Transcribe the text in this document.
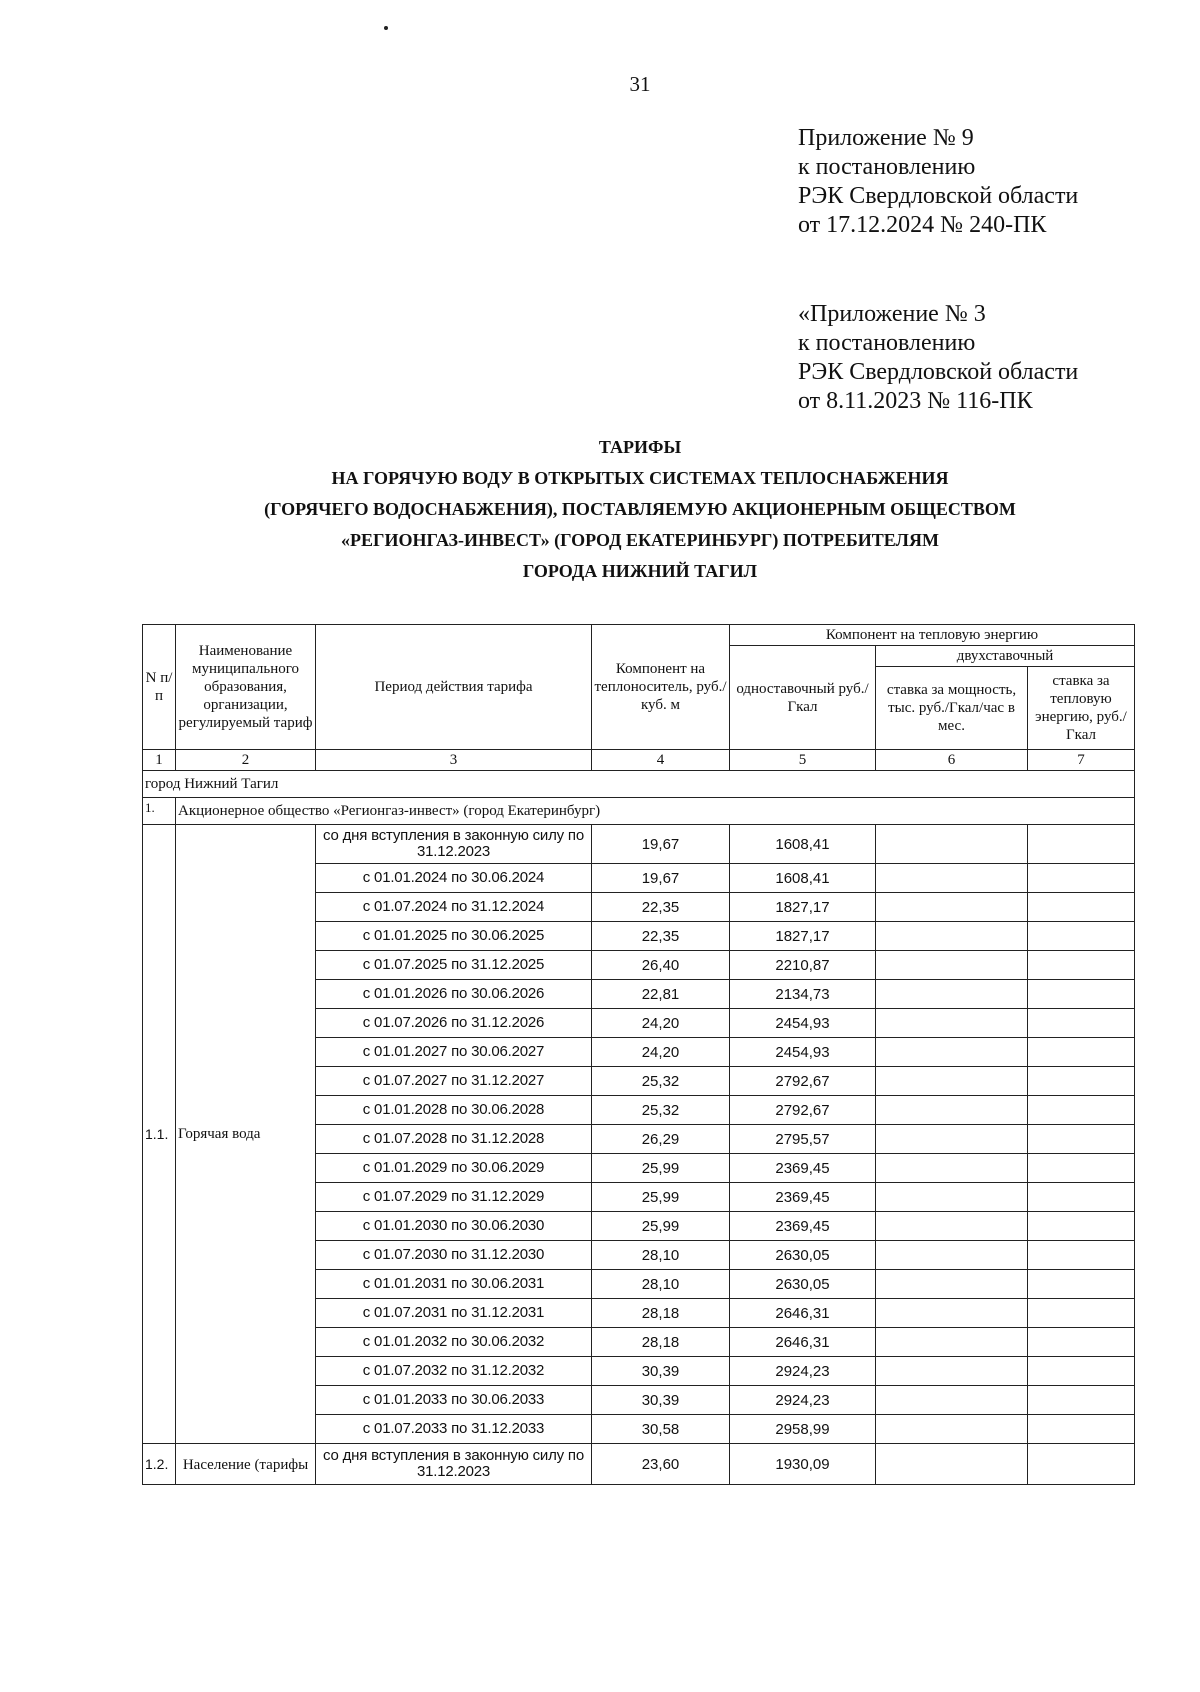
31
Приложение № 9
к постановлению
РЭК Свердловской области
от 17.12.2024 № 240-ПК
«Приложение № 3
к постановлению
РЭК Свердловской области
от 8.11.2023 № 116-ПК
ТАРИФЫ
НА ГОРЯЧУЮ ВОДУ В ОТКРЫТЫХ СИСТЕМАХ ТЕПЛОСНАБЖЕНИЯ
(ГОРЯЧЕГО ВОДОСНАБЖЕНИЯ), ПОСТАВЛЯЕМУЮ АКЦИОНЕРНЫМ ОБЩЕСТВОМ
«РЕГИОНГАЗ-ИНВЕСТ» (ГОРОД ЕКАТЕРИНБУРГ) ПОТРЕБИТЕЛЯМ
ГОРОДА НИЖНИЙ ТАГИЛ
N п/п	Наименование муниципального образования, организации, регулируемый тариф	Период действия тарифа	Компонент на теплоноситель, руб./куб. м	Компонент на тепловую энергию		
				одноставочный руб./Гкал	двухставочный	
					ставка за мощность, тыс. руб./Гкал/час в мес.	ставка за тепловую энергию, руб./Гкал
1	2	3	4	5	6	7
город Нижний Тагил						
1.	Акционерное общество «Регионгаз-инвест» (город Екатеринбург)					
1.1.	Горячая вода	со дня вступления в законную силу по 31.12.2023	19,67	1608,41		
		с 01.01.2024 по 30.06.2024	19,67	1608,41		
		с 01.07.2024 по 31.12.2024	22,35	1827,17		
		с 01.01.2025 по 30.06.2025	22,35	1827,17		
		с 01.07.2025 по 31.12.2025	26,40	2210,87		
		с 01.01.2026 по 30.06.2026	22,81	2134,73		
		с 01.07.2026 по 31.12.2026	24,20	2454,93		
		с 01.01.2027 по 30.06.2027	24,20	2454,93		
		с 01.07.2027 по 31.12.2027	25,32	2792,67		
		с 01.01.2028 по 30.06.2028	25,32	2792,67		
		с 01.07.2028 по 31.12.2028	26,29	2795,57		
		с 01.01.2029 по 30.06.2029	25,99	2369,45		
		с 01.07.2029 по 31.12.2029	25,99	2369,45		
		с 01.01.2030 по 30.06.2030	25,99	2369,45		
		с 01.07.2030 по 31.12.2030	28,10	2630,05		
		с 01.01.2031 по 30.06.2031	28,10	2630,05		
		с 01.07.2031 по 31.12.2031	28,18	2646,31		
		с 01.01.2032 по 30.06.2032	28,18	2646,31		
		с 01.07.2032 по 31.12.2032	30,39	2924,23		
		с 01.01.2033 по 30.06.2033	30,39	2924,23		
		с 01.07.2033 по 31.12.2033	30,58	2958,99		
1.2.	Население (тарифы	со дня вступления в законную силу по 31.12.2023	23,60	1930,09		
